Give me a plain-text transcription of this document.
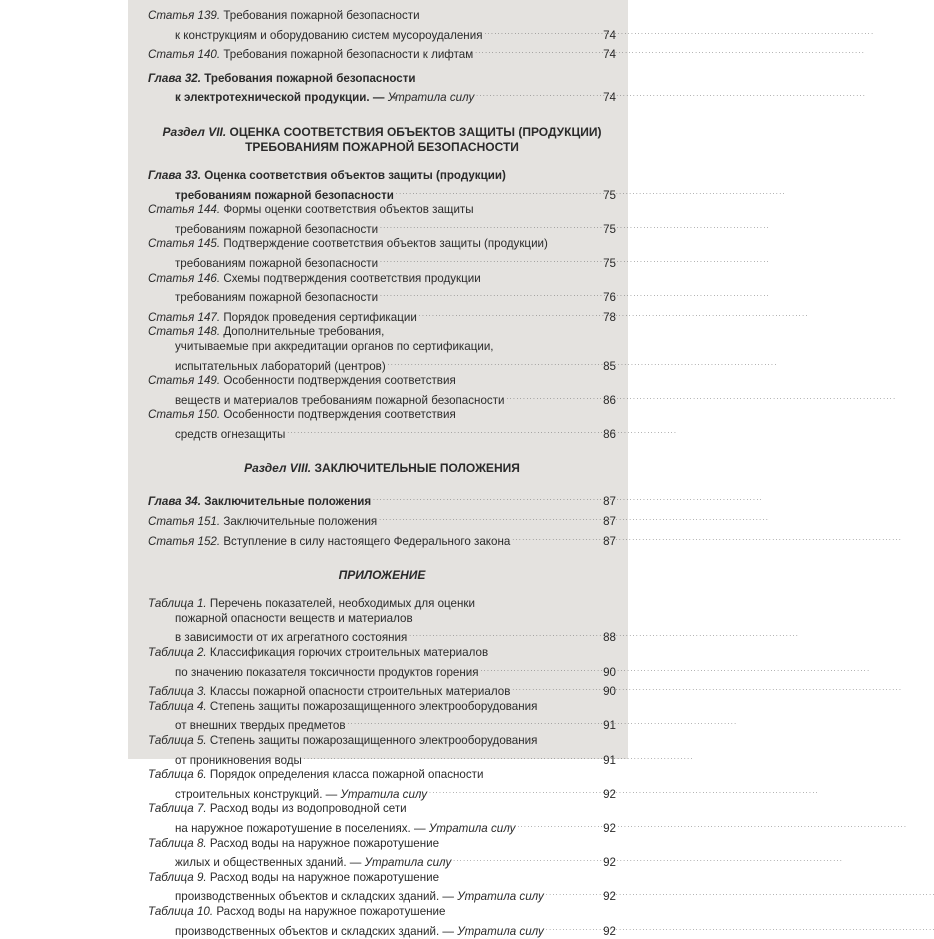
Статья 139. Требования пожарной безопасности
к конструкциям и оборудованию систем мусороудаления . . .	74
Статья 140. Требования пожарной безопасности к лифтам . . .	74
Глава 32. Требования пожарной безопасности
к электротехнической продукции. — Утратила силу . . .	74
Раздел VII. ОЦЕНКА СООТВЕТСТВИЯ ОБЪЕКТОВ ЗАЩИТЫ (ПРОДУКЦИИ)
ТРЕБОВАНИЯМ ПОЖАРНОЙ БЕЗОПАСНОСТИ
Глава 33. Оценка соответствия объектов защиты (продукции)
требованиям пожарной безопасности . . .	75
Статья 144. Формы оценки соответствия объектов защиты
требованиям пожарной безопасности . . .	75
Статья 145. Подтверждение соответствия объектов защиты (продукции)
требованиям пожарной безопасности . . .	75
Статья 146. Схемы подтверждения соответствия продукции
требованиям пожарной безопасности . . .	76
Статья 147. Порядок проведения сертификации . . .	78
Статья 148. Дополнительные требования,
учитываемые при аккредитации органов по сертификации,
испытательных лабораторий (центров) . . .	85
Статья 149. Особенности подтверждения соответствия
веществ и материалов требованиям пожарной безопасности . . .	86
Статья 150. Особенности подтверждения соответствия
средств огнезащиты . . .	86
Раздел VIII. ЗАКЛЮЧИТЕЛЬНЫЕ ПОЛОЖЕНИЯ
Глава 34. Заключительные положения . . .	87
Статья 151. Заключительные положения . . .	87
Статья 152. Вступление в силу настоящего Федерального закона . . .	87
ПРИЛОЖЕНИЕ
Таблица 1. Перечень показателей, необходимых для оценки
пожарной опасности веществ и материалов
в зависимости от их агрегатного состояния . . .	88
Таблица 2. Классификация горючих строительных материалов
по значению показателя токсичности продуктов горения . . .	90
Таблица 3. Классы пожарной опасности строительных материалов . . .	90
Таблица 4. Степень защиты пожарозащищенного электрооборудования
от внешних твердых предметов . . .	91
Таблица 5. Степень защиты пожарозащищенного электрооборудования
от проникновения воды . . .	91
Таблица 6. Порядок определения класса пожарной опасности
строительных конструкций. — Утратила силу . . .	92
Таблица 7. Расход воды из водопроводной сети
на наружное пожаротушение в поселениях. — Утратила силу . . .	92
Таблица 8. Расход воды на наружное пожаротушение
жилых и общественных зданий. — Утратила силу . . .	92
Таблица 9. Расход воды на наружное пожаротушение
производственных объектов и складских зданий. — Утратила силу . . .	92
Таблица 10. Расход воды на наружное пожаротушение
производственных объектов и складских зданий. — Утратила силу . . .	92
